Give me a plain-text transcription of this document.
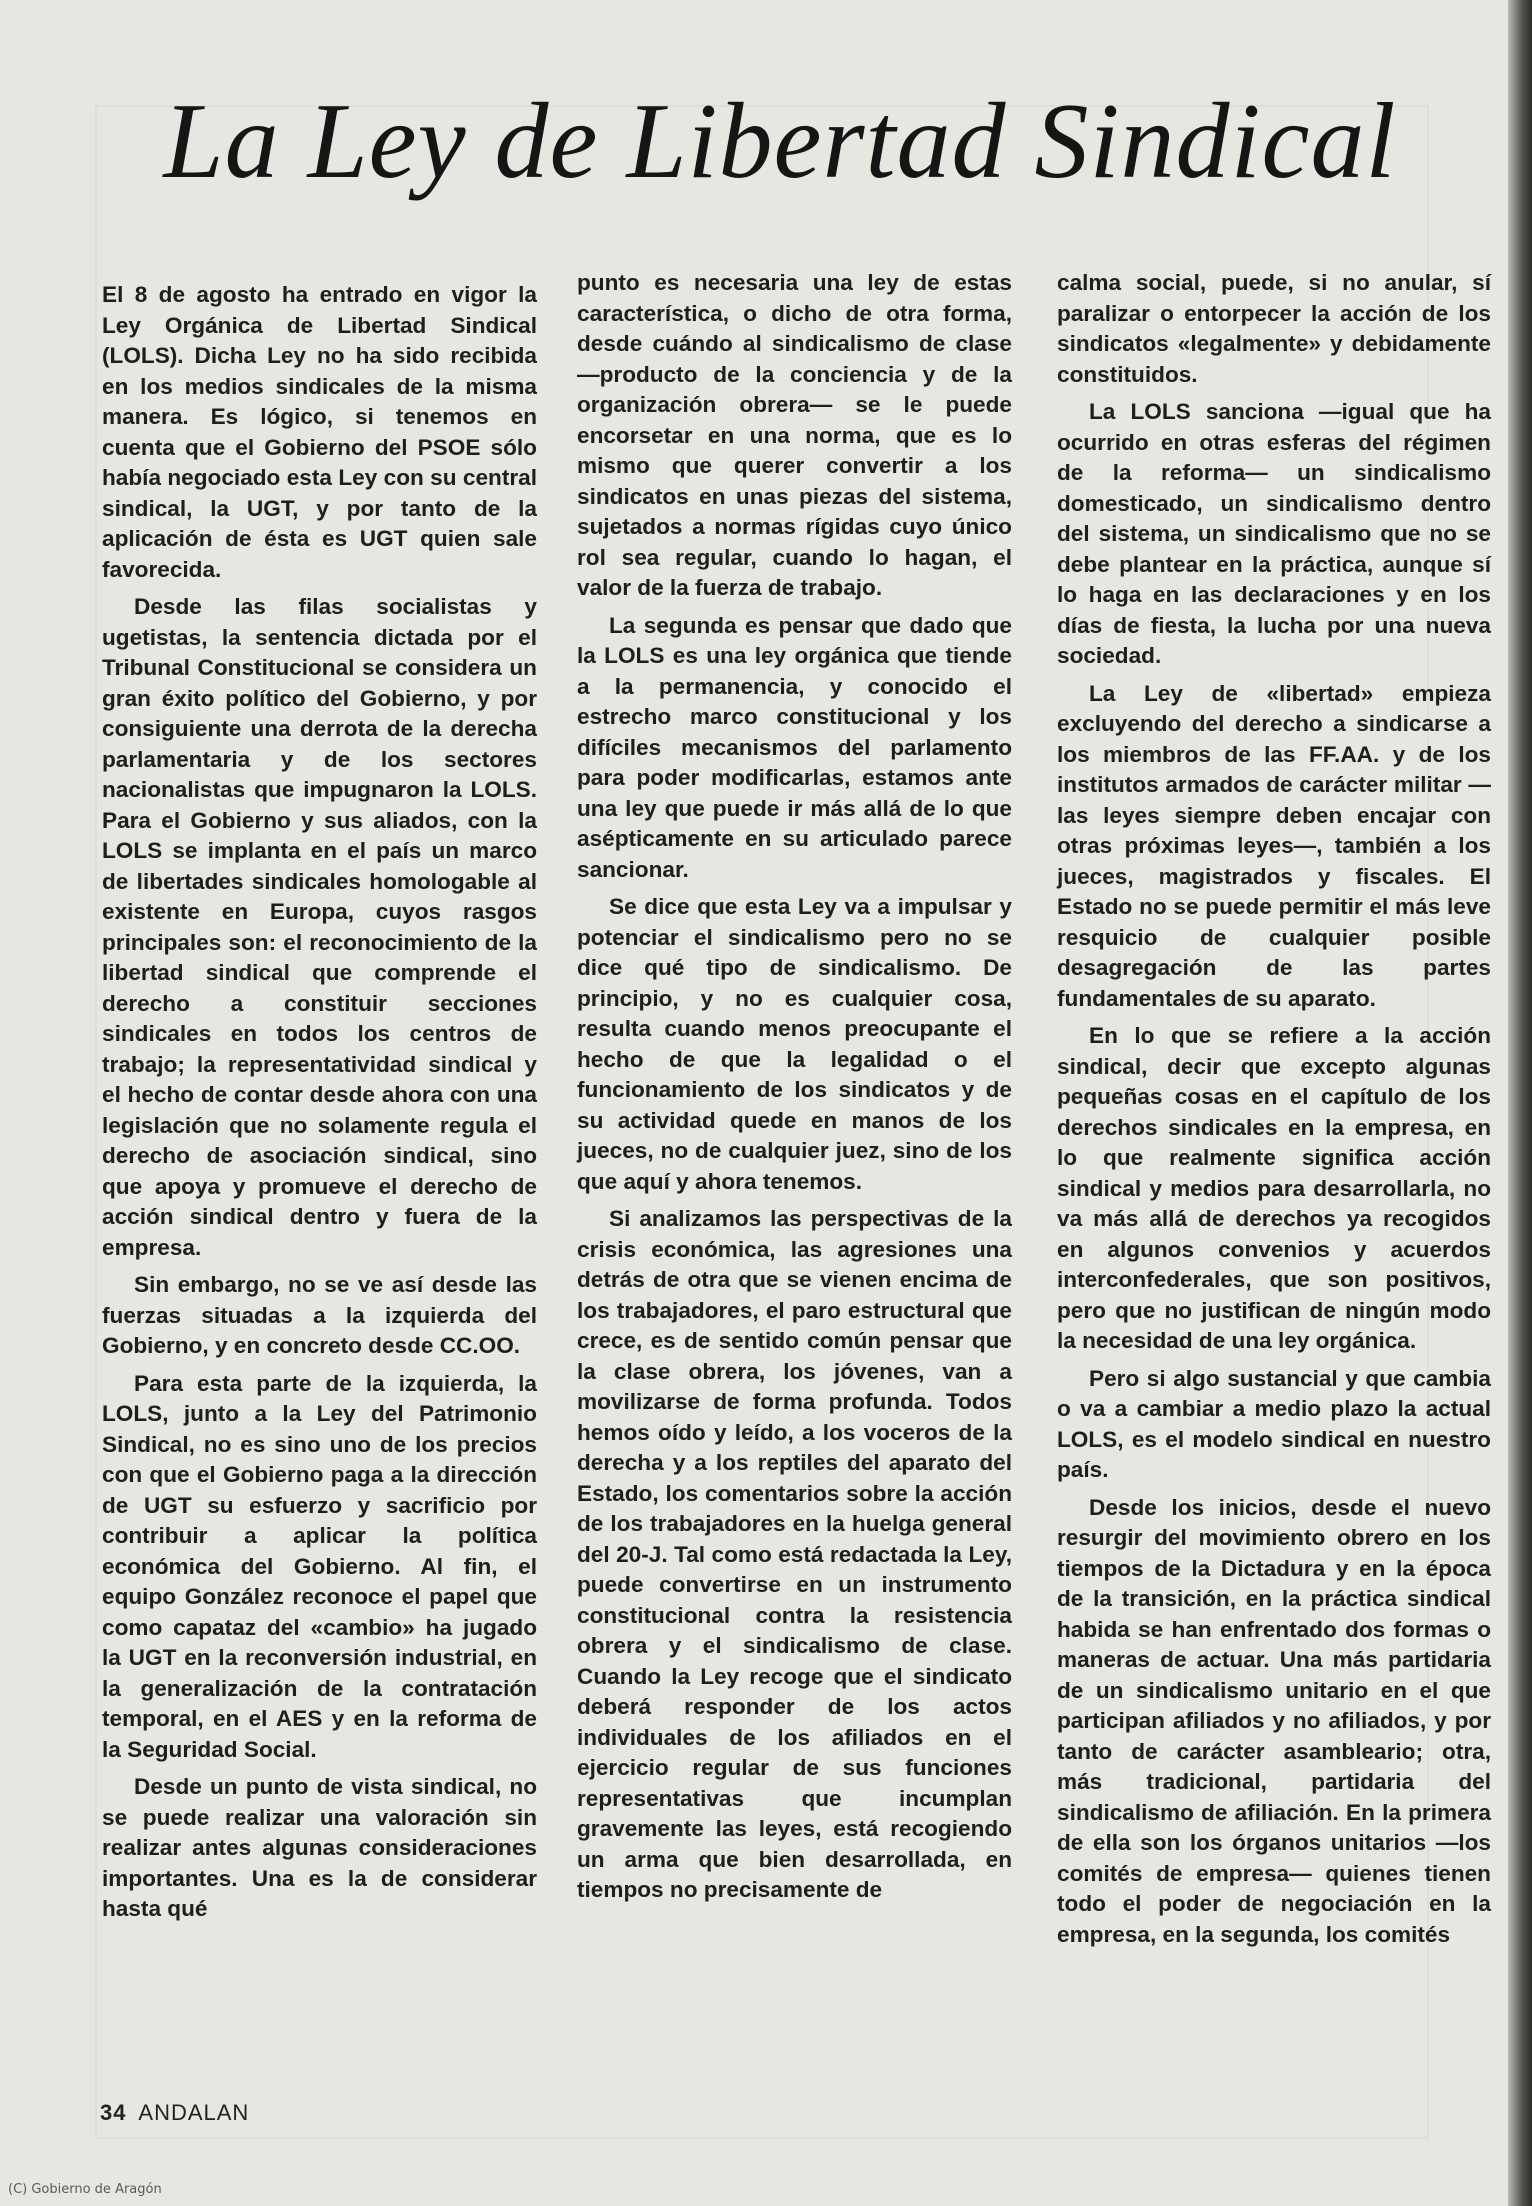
La Ley de Libertad Sindical

El 8 de agosto ha entrado en vigor la Ley Orgánica de Libertad Sindical (LOLS). Dicha Ley no ha sido recibida en los medios sindicales de la misma manera. Es lógico, si tenemos en cuenta que el Gobierno del PSOE sólo había negociado esta Ley con su central sindical, la UGT, y por tanto de la aplicación de ésta es UGT quien sale favorecida.

Desde las filas socialistas y ugetistas, la sentencia dictada por el Tribunal Constitucional se considera un gran éxito político del Gobierno, y por consiguiente una derrota de la derecha parlamentaria y de los sectores nacionalistas que impugnaron la LOLS. Para el Gobierno y sus aliados, con la LOLS se implanta en el país un marco de libertades sindicales homologable al existente en Europa, cuyos rasgos principales son: el reconocimiento de la libertad sindical que comprende el derecho a constituir secciones sindicales en todos los centros de trabajo; la representatividad sindical y el hecho de contar desde ahora con una legislación que no solamente regula el derecho de asociación sindical, sino que apoya y promueve el derecho de acción sindical dentro y fuera de la empresa.

Sin embargo, no se ve así desde las fuerzas situadas a la izquierda del Gobierno, y en concreto desde CC.OO.

Para esta parte de la izquierda, la LOLS, junto a la Ley del Patrimonio Sindical, no es sino uno de los precios con que el Gobierno paga a la dirección de UGT su esfuerzo y sacrificio por contribuir a aplicar la política económica del Gobierno. Al fin, el equipo González reconoce el papel que como capataz del «cambio» ha jugado la UGT en la reconversión industrial, en la generalización de la contratación temporal, en el AES y en la reforma de la Seguridad Social.

Desde un punto de vista sindical, no se puede realizar una valoración sin realizar antes algunas consideraciones importantes. Una es la de considerar hasta qué

punto es necesaria una ley de estas característica, o dicho de otra forma, desde cuándo al sindicalismo de clase —producto de la conciencia y de la organización obrera— se le puede encorsetar en una norma, que es lo mismo que querer convertir a los sindicatos en unas piezas del sistema, sujetados a normas rígidas cuyo único rol sea regular, cuando lo hagan, el valor de la fuerza de trabajo.

La segunda es pensar que dado que la LOLS es una ley orgánica que tiende a la permanencia, y conocido el estrecho marco constitucional y los difíciles mecanismos del parlamento para poder modificarlas, estamos ante una ley que puede ir más allá de lo que asépticamente en su articulado parece sancionar.

Se dice que esta Ley va a impulsar y potenciar el sindicalismo pero no se dice qué tipo de sindicalismo. De principio, y no es cualquier cosa, resulta cuando menos preocupante el hecho de que la legalidad o el funcionamiento de los sindicatos y de su actividad quede en manos de los jueces, no de cualquier juez, sino de los que aquí y ahora tenemos.

Si analizamos las perspectivas de la crisis económica, las agresiones una detrás de otra que se vienen encima de los trabajadores, el paro estructural que crece, es de sentido común pensar que la clase obrera, los jóvenes, van a movilizarse de forma profunda. Todos hemos oído y leído, a los voceros de la derecha y a los reptiles del aparato del Estado, los comentarios sobre la acción de los trabajadores en la huelga general del 20-J. Tal como está redactada la Ley, puede convertirse en un instrumento constitucional contra la resistencia obrera y el sindicalismo de clase. Cuando la Ley recoge que el sindicato deberá responder de los actos individuales de los afiliados en el ejercicio regular de sus funciones representativas que incumplan gravemente las leyes, está recogiendo un arma que bien desarrollada, en tiempos no precisamente de

calma social, puede, si no anular, sí paralizar o entorpecer la acción de los sindicatos «legalmente» y debidamente constituidos.

La LOLS sanciona —igual que ha ocurrido en otras esferas del régimen de la reforma— un sindicalismo domesticado, un sindicalismo dentro del sistema, un sindicalismo que no se debe plantear en la práctica, aunque sí lo haga en las declaraciones y en los días de fiesta, la lucha por una nueva sociedad.

La Ley de «libertad» empieza excluyendo del derecho a sindicarse a los miembros de las FF.AA. y de los institutos armados de carácter militar —las leyes siempre deben encajar con otras próximas leyes—, también a los jueces, magistrados y fiscales. El Estado no se puede permitir el más leve resquicio de cualquier posible desagregación de las partes fundamentales de su aparato.

En lo que se refiere a la acción sindical, decir que excepto algunas pequeñas cosas en el capítulo de los derechos sindicales en la empresa, en lo que realmente significa acción sindical y medios para desarrollarla, no va más allá de derechos ya recogidos en algunos convenios y acuerdos interconfederales, que son positivos, pero que no justifican de ningún modo la necesidad de una ley orgánica.

Pero si algo sustancial y que cambia o va a cambiar a medio plazo la actual LOLS, es el modelo sindical en nuestro país.

Desde los inicios, desde el nuevo resurgir del movimiento obrero en los tiempos de la Dictadura y en la época de la transición, en la práctica sindical habida se han enfrentado dos formas o maneras de actuar. Una más partidaria de un sindicalismo unitario en el que participan afiliados y no afiliados, y por tanto de carácter asambleario; otra, más tradicional, partidaria del sindicalismo de afiliación. En la primera de ella son los órganos unitarios —los comités de empresa— quienes tienen todo el poder de negociación en la empresa, en la segunda, los comités

34 ANDALAN
(C) Gobierno de Aragón
